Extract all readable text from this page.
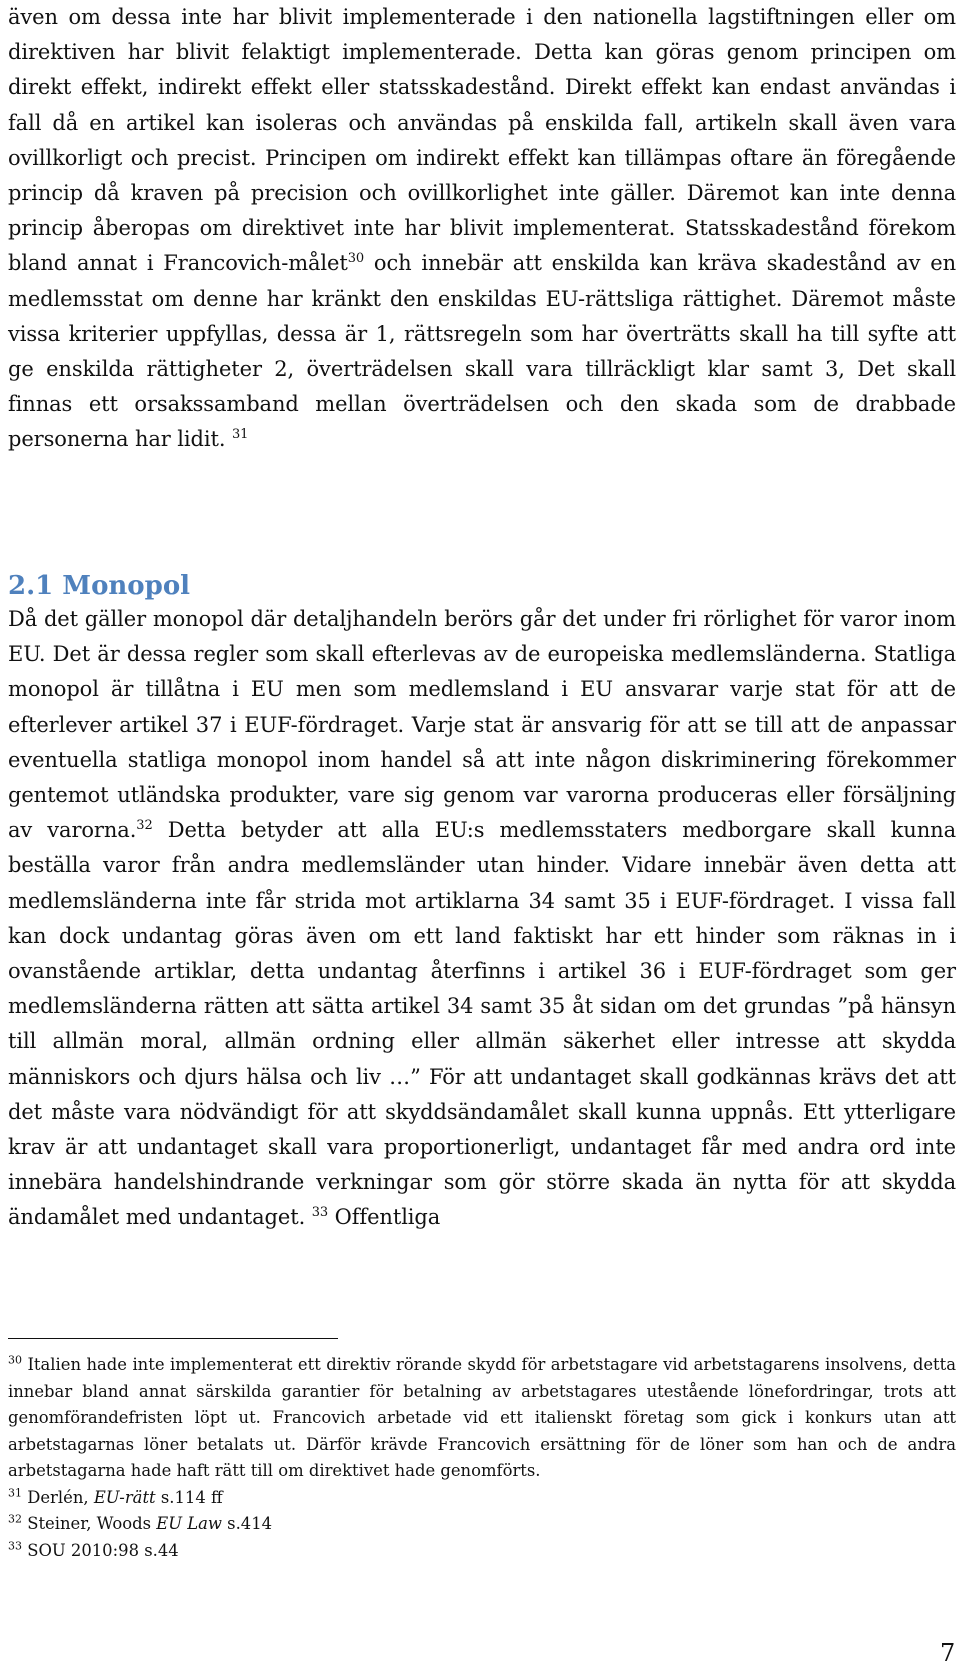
även om dessa inte har blivit implementerade i den nationella lagstiftningen eller om direktiven har blivit felaktigt implementerade. Detta kan göras genom principen om direkt effekt, indirekt effekt eller statsskadestånd. Direkt effekt kan endast användas i fall då en artikel kan isoleras och användas på enskilda fall, artikeln skall även vara ovillkorligt och precist. Principen om indirekt effekt kan tillämpas oftare än föregående princip då kraven på precision och ovillkorlighet inte gäller. Däremot kan inte denna princip åberopas om direktivet inte har blivit implementerat. Statsskadestånd förekom bland annat i Francovich-målet$^{30}$ och innebär att enskilda kan kräva skadestånd av en medlemsstat om denne har kränkt den enskildas EU-rättsliga rättighet. Däremot måste vissa kriterier uppfyllas, dessa är 1, rättsregeln som har överträtts skall ha till syfte att ge enskilda rättigheter 2, överträdelsen skall vara tillräckligt klar samt 3, Det skall finnas ett orsakssamband mellan överträdelsen och den skada som de drabbade personerna har lidit. $^{31}$

2.1 Monopol

Då det gäller monopol där detaljhandeln berörs går det under fri rörlighet för varor inom EU. Det är dessa regler som skall efterlevas av de europeiska medlemsländerna. Statliga monopol är tillåtna i EU men som medlemsland i EU ansvarar varje stat för att de efterlever artikel 37 i EUF-fördraget. Varje stat är ansvarig för att se till att de anpassar eventuella statliga monopol inom handel så att inte någon diskriminering förekommer gentemot utländska produkter, vare sig genom var varorna produceras eller försäljning av varorna.$^{32}$ Detta betyder att alla EU:s medlemsstaters medborgare skall kunna beställa varor från andra medlemsländer utan hinder. Vidare innebär även detta att medlemsländerna inte får strida mot artiklarna 34 samt 35 i EUF-fördraget. I vissa fall kan dock undantag göras även om ett land faktiskt har ett hinder som räknas in i ovanstående artiklar, detta undantag återfinns i artikel 36 i EUF-fördraget som ger medlemsländerna rätten att sätta artikel 34 samt 35 åt sidan om det grundas ”på hänsyn till allmän moral, allmän ordning eller allmän säkerhet eller intresse att skydda människors och djurs hälsa och liv …” För att undantaget skall godkännas krävs det att det måste vara nödvändigt för att skyddsändamålet skall kunna uppnås. Ett ytterligare krav är att undantaget skall vara proportionerligt, undantaget får med andra ord inte innebära handelshindrande verkningar som gör större skada än nytta för att skydda ändamålet med undantaget. $^{33}$ Offentliga

$^{30}$ Italien hade inte implementerat ett direktiv rörande skydd för arbetstagare vid arbetstagarens insolvens, detta innebar bland annat särskilda garantier för betalning av arbetstagares utestående lönefordringar, trots att genomförandefristen löpt ut. Francovich arbetade vid ett italienskt företag som gick i konkurs utan att arbetstagarnas löner betalats ut. Därför krävde Francovich ersättning för de löner som han och de andra arbetstagarna hade haft rätt till om direktivet hade genomförts.

$^{31}$ Derlén, EU-rätt s.114 ff

$^{32}$ Steiner, Woods EU Law s.414

$^{33}$ SOU 2010:98 s.44

7
